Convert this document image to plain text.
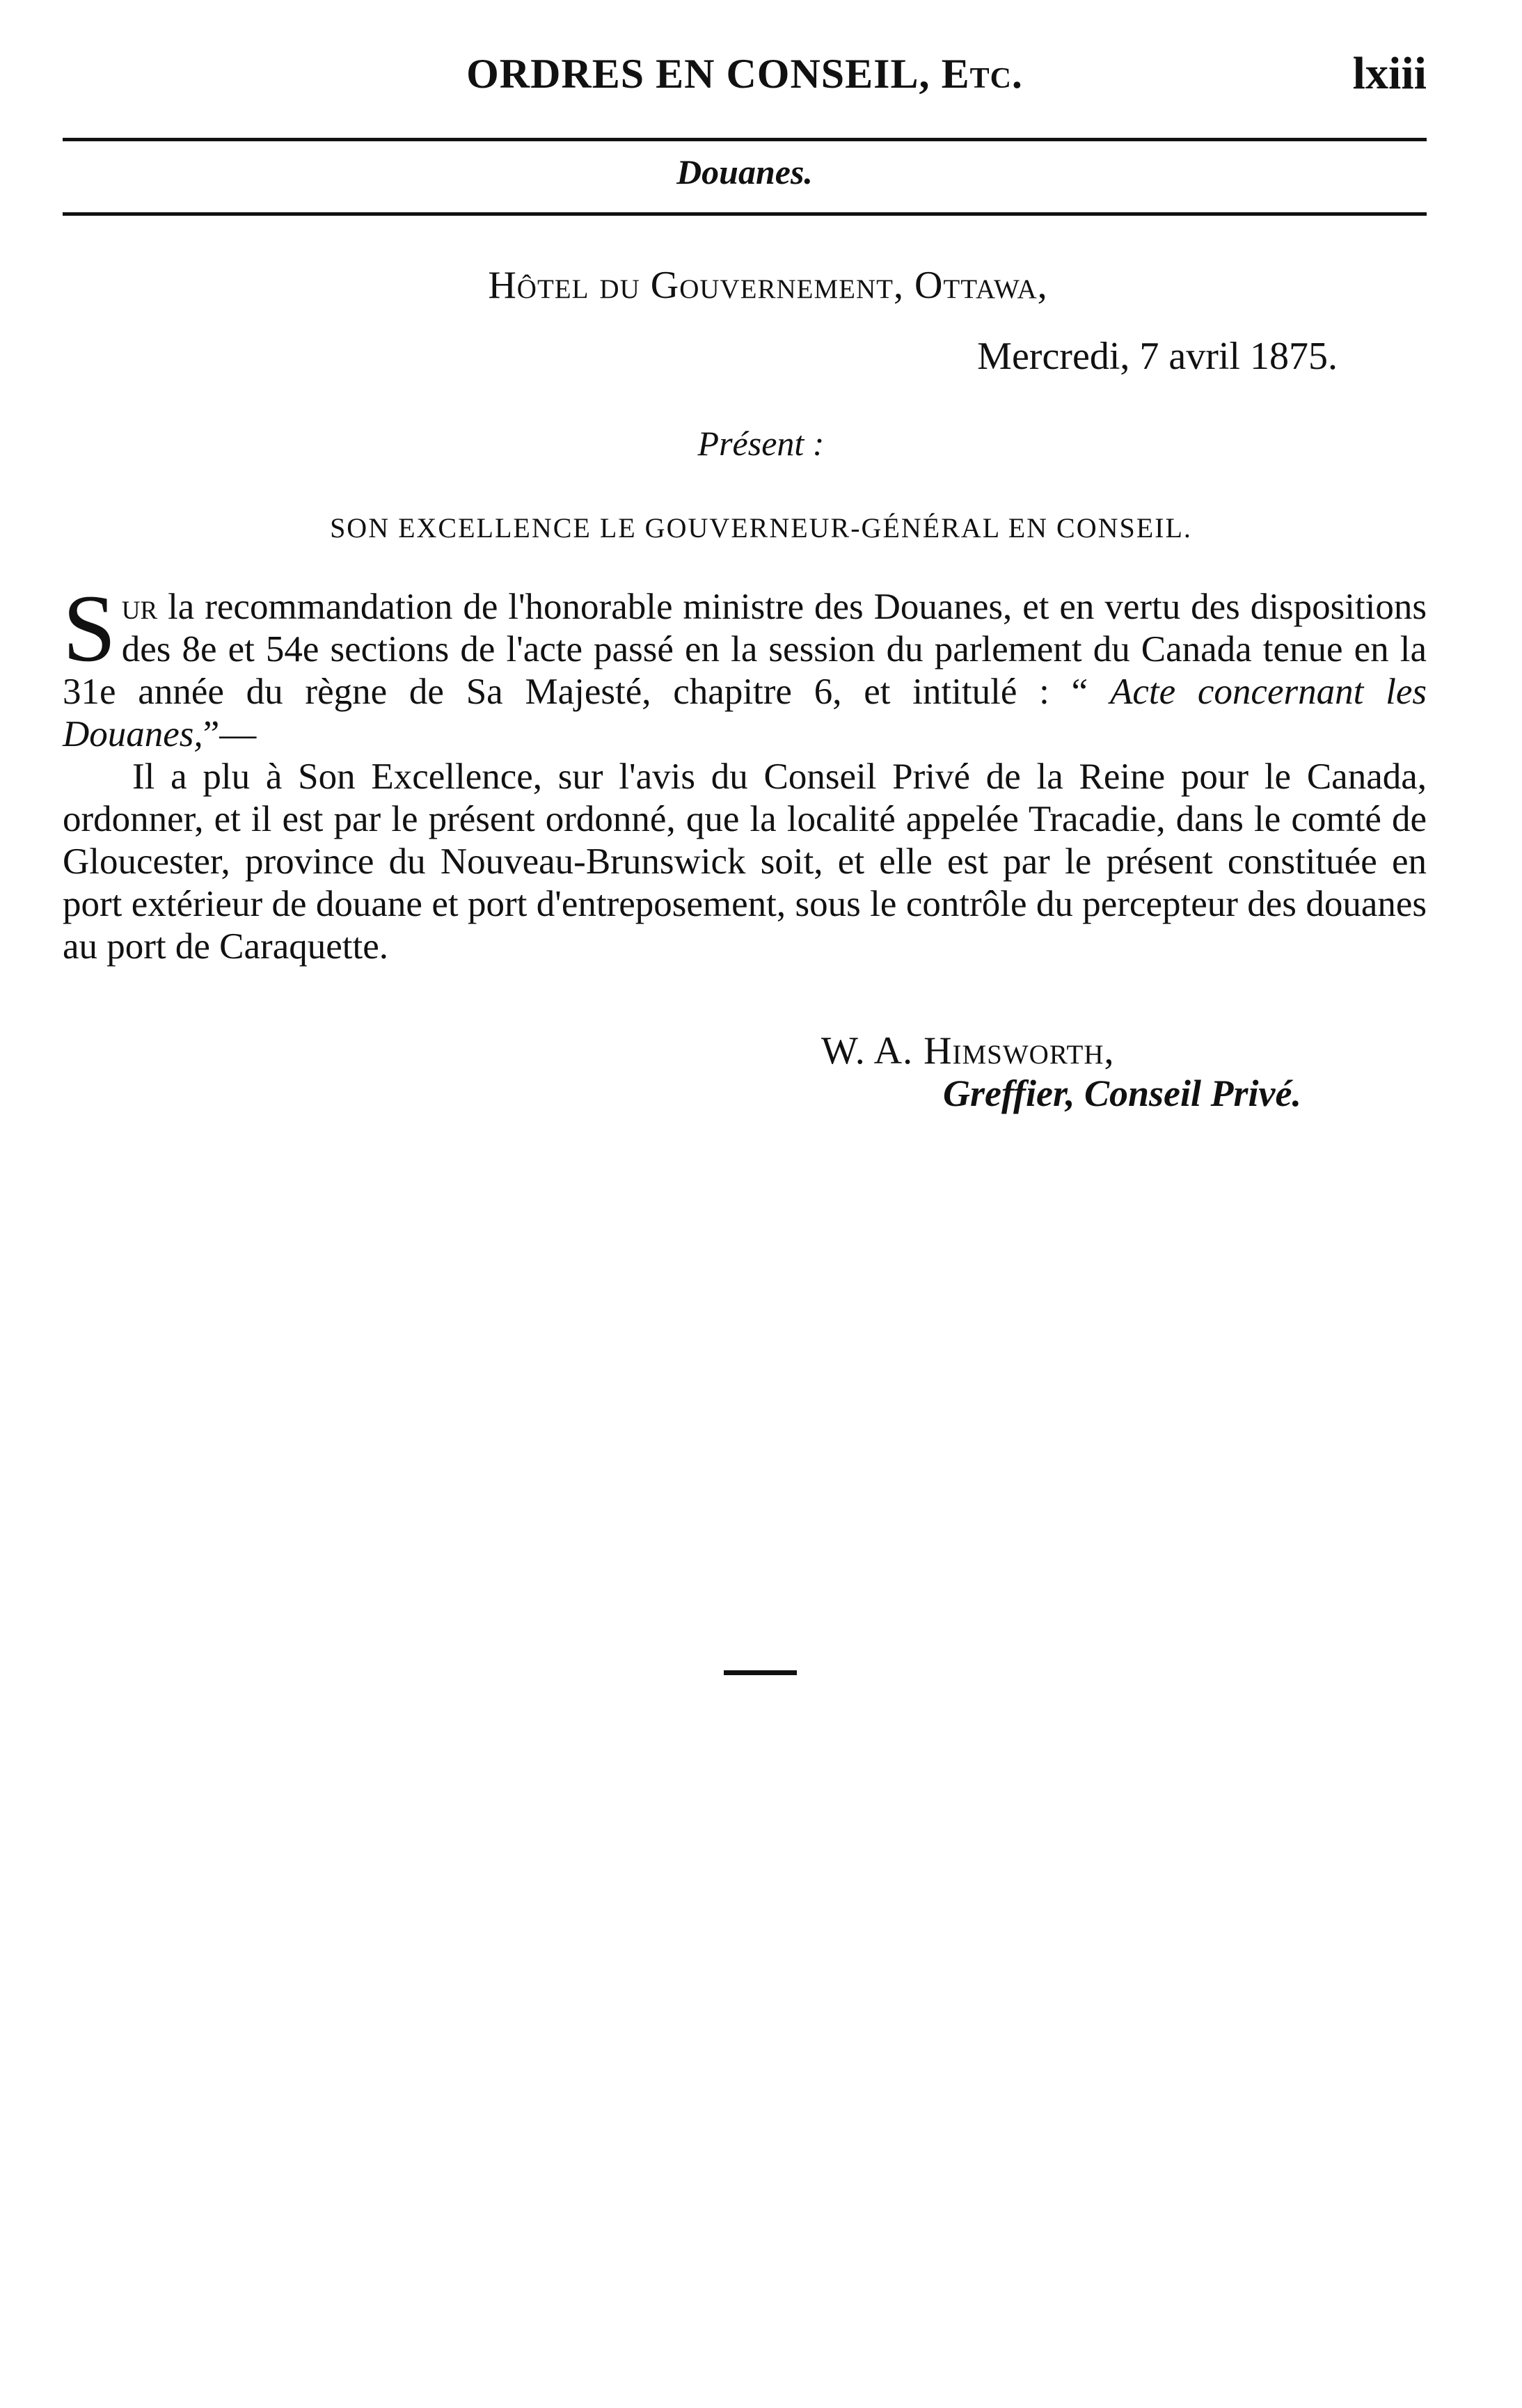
ORDRES EN CONSEIL, Etc.	lxiii
Douanes.
Hôtel du Gouvernement, Ottawa,
Mercredi, 7 avril 1875.
Présent :
SON EXCELLENCE LE GOUVERNEUR-GÉNÉRAL EN CONSEIL.

Sur la recommandation de l'honorable ministre des Douanes, et en vertu des dispositions des 8e et 54e sections de l'acte passé en la session du parlement du Canada tenue en la 31e année du règne de Sa Majesté, chapitre 6, et intitulé : “ Acte concernant les Douanes,”—

Il a plu à Son Excellence, sur l'avis du Conseil Privé de la Reine pour le Canada, ordonner, et il est par le présent ordonné, que la localité appelée Tracadie, dans le comté de Gloucester, province du Nouveau-Brunswick soit, et elle est par le présent constituée en port extérieur de douane et port d'entreposement, sous le contrôle du percepteur des douanes au port de Caraquette.

W. A. Himsworth,
Greffier, Conseil Privé.
